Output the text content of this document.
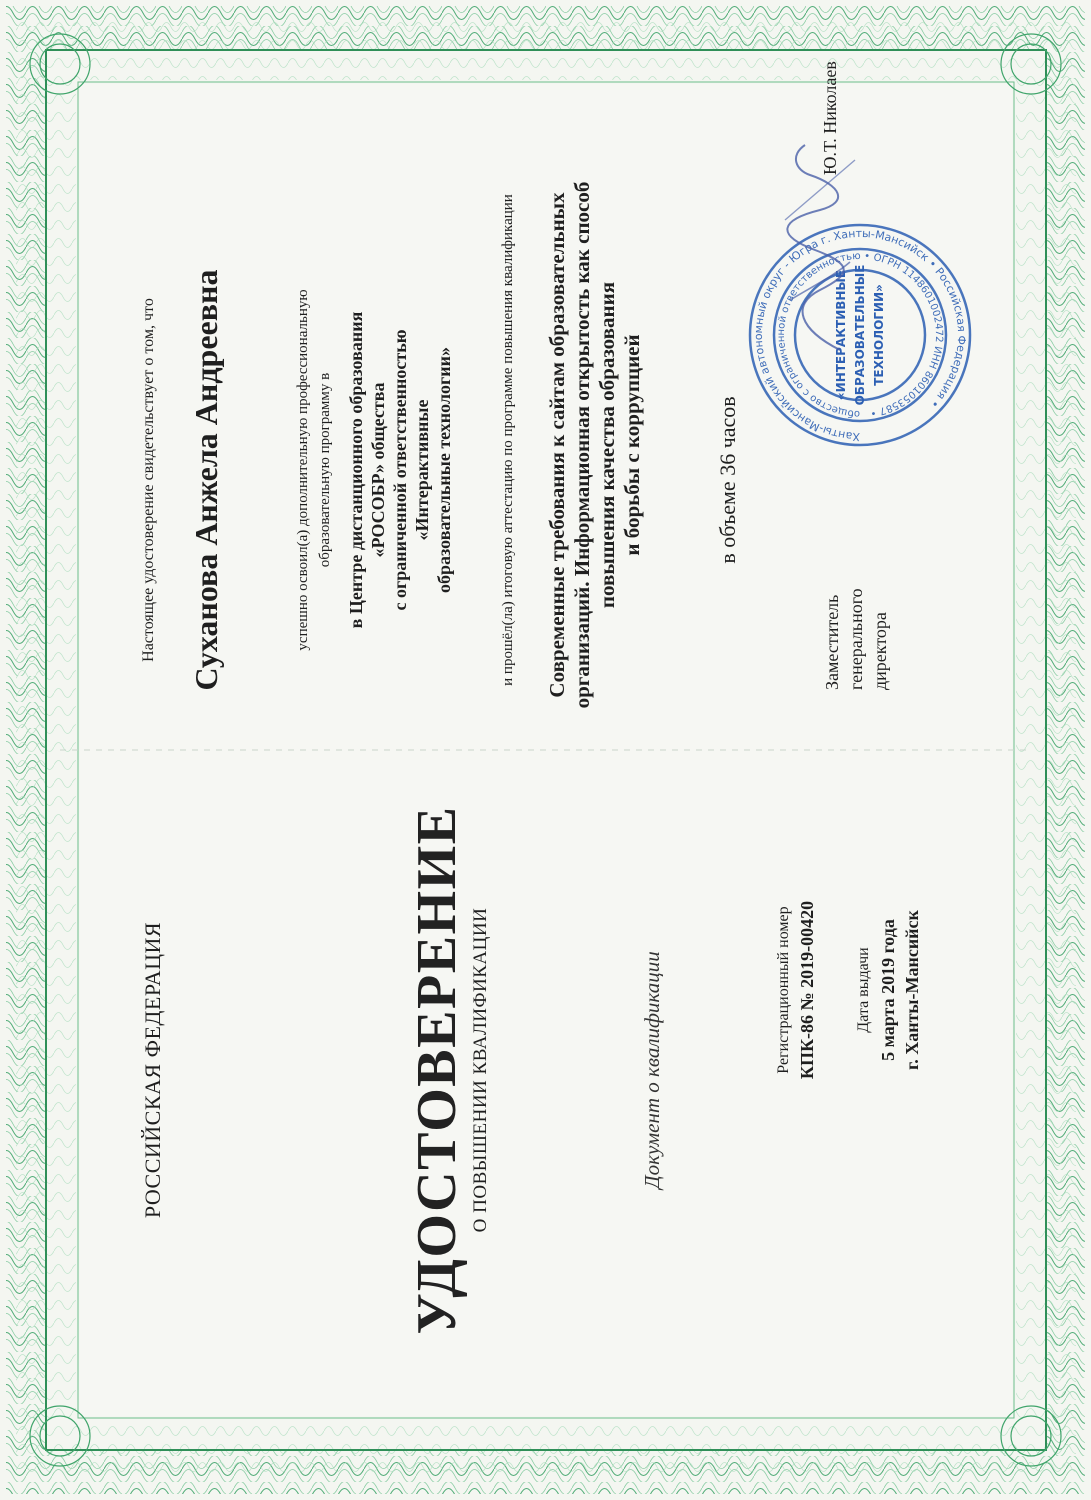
РОССИЙСКАЯ ФЕДЕРАЦИЯ	УДОСТОВЕРЕНИЕ О ПОВЫШЕНИИ КВАЛИФИКАЦИИ	Документ о квалификации	Регистрационный номер КПК-86 № 2019-00420 Дата выдачи 5 марта 2019 года г. Ханты-Мансийск
Настоящее удостоверение свидетельствует о том, что Суханова Анжела Андреевна	успешно освоил(а) дополнительную профессиональную образовательную программу в в Центре дистанционного образования «РОСОБР» общества с ограниченной ответственностью «Интерактивные образовательные технологии»	и прошёл(ла) итоговую аттестацию по программе повышения квалификации Современные требования к сайтам образовательных организаций. Информационная открытость как способ повышения качества образования и борьбы с коррупцией	в объеме 36 часов
Заместитель генерального директора
Ю.Т. Николаев
Ханты-Мансийский автономный округ - Югра г. Ханты-Мансийск • Российская Федерация •
общество с ограниченной ответственностью • ОГРН 1148601002472 ИНН 8601053587 •
«ИНТЕРАКТИВНЫЕ ОБРАЗОВАТЕЛЬНЫЕ ТЕХНОЛОГИИ»
